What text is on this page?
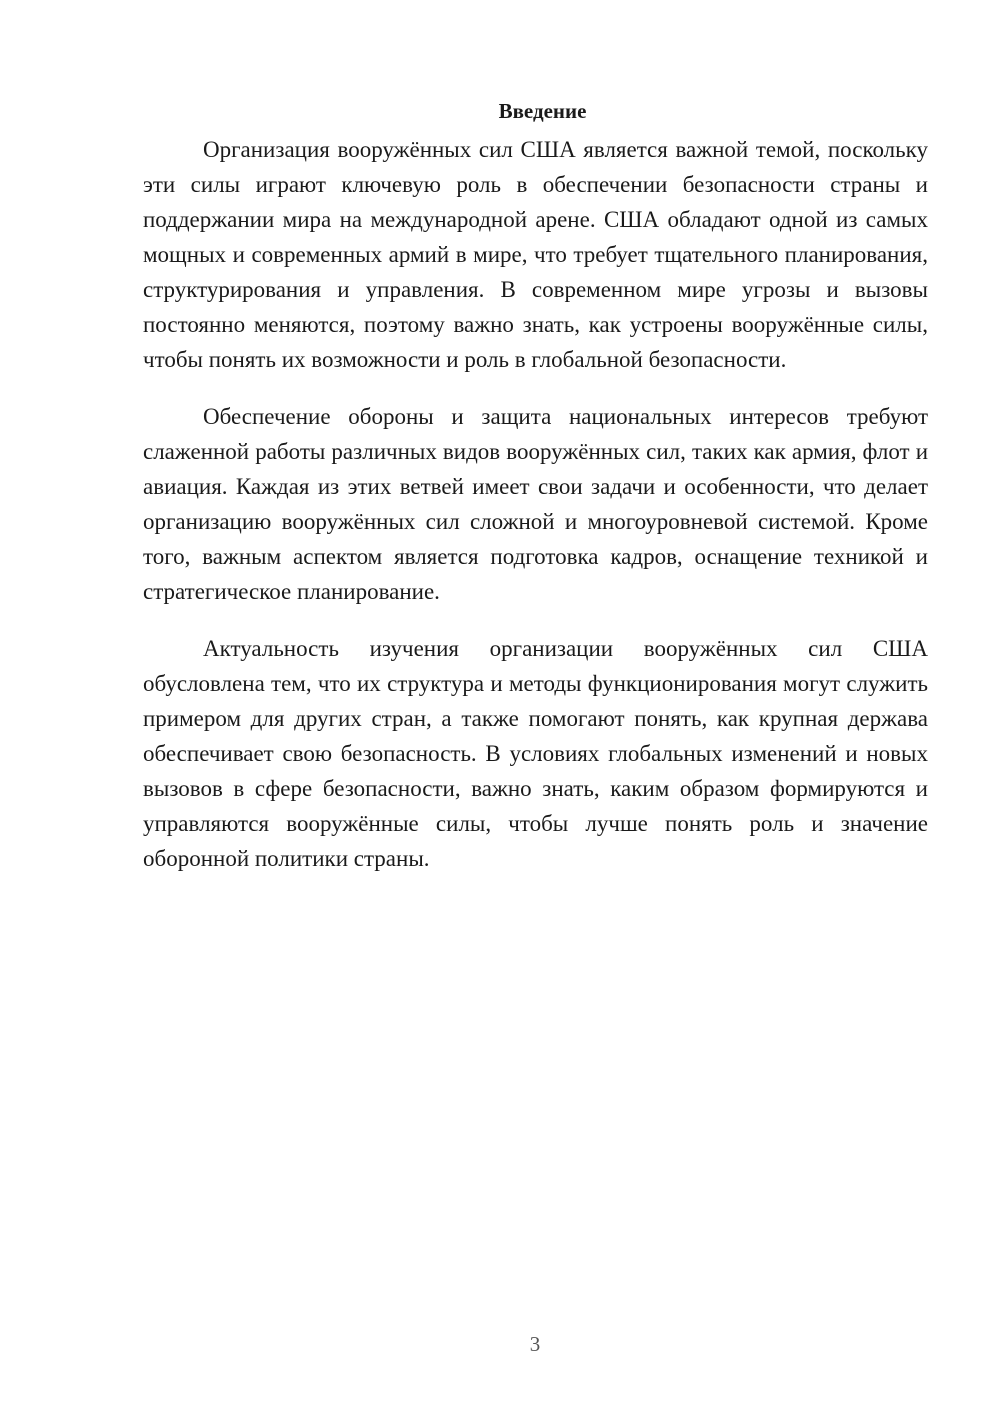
Введение

Организация вооружённых сил США является важной темой, поскольку эти силы играют ключевую роль в обеспечении безопасности страны и поддержании мира на международной арене. США обладают одной из самых мощных и современных армий в мире, что требует тщательного планирования, структурирования и управления. В современном мире угрозы и вызовы постоянно меняются, поэтому важно знать, как устроены вооружённые силы, чтобы понять их возможности и роль в глобальной безопасности.

Обеспечение обороны и защита национальных интересов требуют слаженной работы различных видов вооружённых сил, таких как армия, флот и авиация. Каждая из этих ветвей имеет свои задачи и особенности, что делает организацию вооружённых сил сложной и многоуровневой системой. Кроме того, важным аспектом является подготовка кадров, оснащение техникой и стратегическое планирование.

Актуальность изучения организации вооружённых сил США обусловлена тем, что их структура и методы функционирования могут служить примером для других стран, а также помогают понять, как крупная держава обеспечивает свою безопасность. В условиях глобальных изменений и новых вызовов в сфере безопасности, важно знать, каким образом формируются и управляются вооружённые силы, чтобы лучше понять роль и значение оборонной политики страны.

3
